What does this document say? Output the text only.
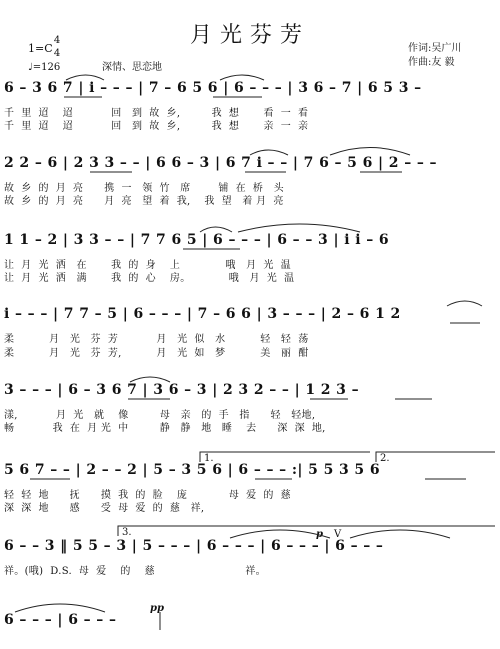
月光芬芳
1=C
4
4
♩=126	深情、思恋地
作词:吴广川
作曲:友 毅
6 – 3 6 7 | i – – – | 7 – 6 5 6 | 6 – – – | 3 6 – 7 | 6 5 3 –
千  里  迢    迢           回   到  故  乡,         我  想       看  一  看
千  里  迢    迢           回   到  故  乡,         我  想       亲  一  亲
2 2 – 6 | 2 3 3 – – | 6 6 – 3 | 6 7 i – – | 7 6 – 5 6 | 2 – – –
故  乡  的  月  亮      携  一   领  竹   席        铺  在  桥   头
故  乡  的  月  亮      月  亮   望  着  我,    我  望   着 月  亮
1 1 – 2 | 3 3 – – | 7 7 6 5 | 6 – – – | 6 – – 3 | i i – 6
让  月  光  洒   在       我  的  身    上             哦   月  光  温
让  月  光  洒   满       我  的  心    房。           哦   月  光  温
i – – – | 7 7 – 5 | 6 – – – | 7 – 6 6 | 3 – – – | 2 – 6 1 2
柔          月   光   芬  芳           月   光  似   水          轻   轻  荡
柔          月   光   芬  芳,          月   光  如   梦          美   丽  酣
3 – – – | 6 – 3 6 7 | 3 6 – 3 | 2 3 2 – – | 1 2 3 –
漾,           月  光   就    像         母   亲   的  手   指      轻   轻地,
畅           我  在  月 光  中         静   静   地   睡    去      深  深  地,
5 6 7 – – | 2 – – 2 | 5 – 3 5 6 | 6 – – – :| 5 5 3 5 6
轻  轻  地      抚      摸  我  的  脸    庞            母  爱  的  慈
深  深  地      感      受  母  爱  的  慈   祥,
6 – – 3 ‖ 5 5 – 3 | 5 – – – | 6 – – – | 6 – – – | 6 – – –
祥。(哦)  D.S.  母  爱    的    慈                          祥。
6 – – – | 6 – – –
1.	2.
3.	p V
pp
